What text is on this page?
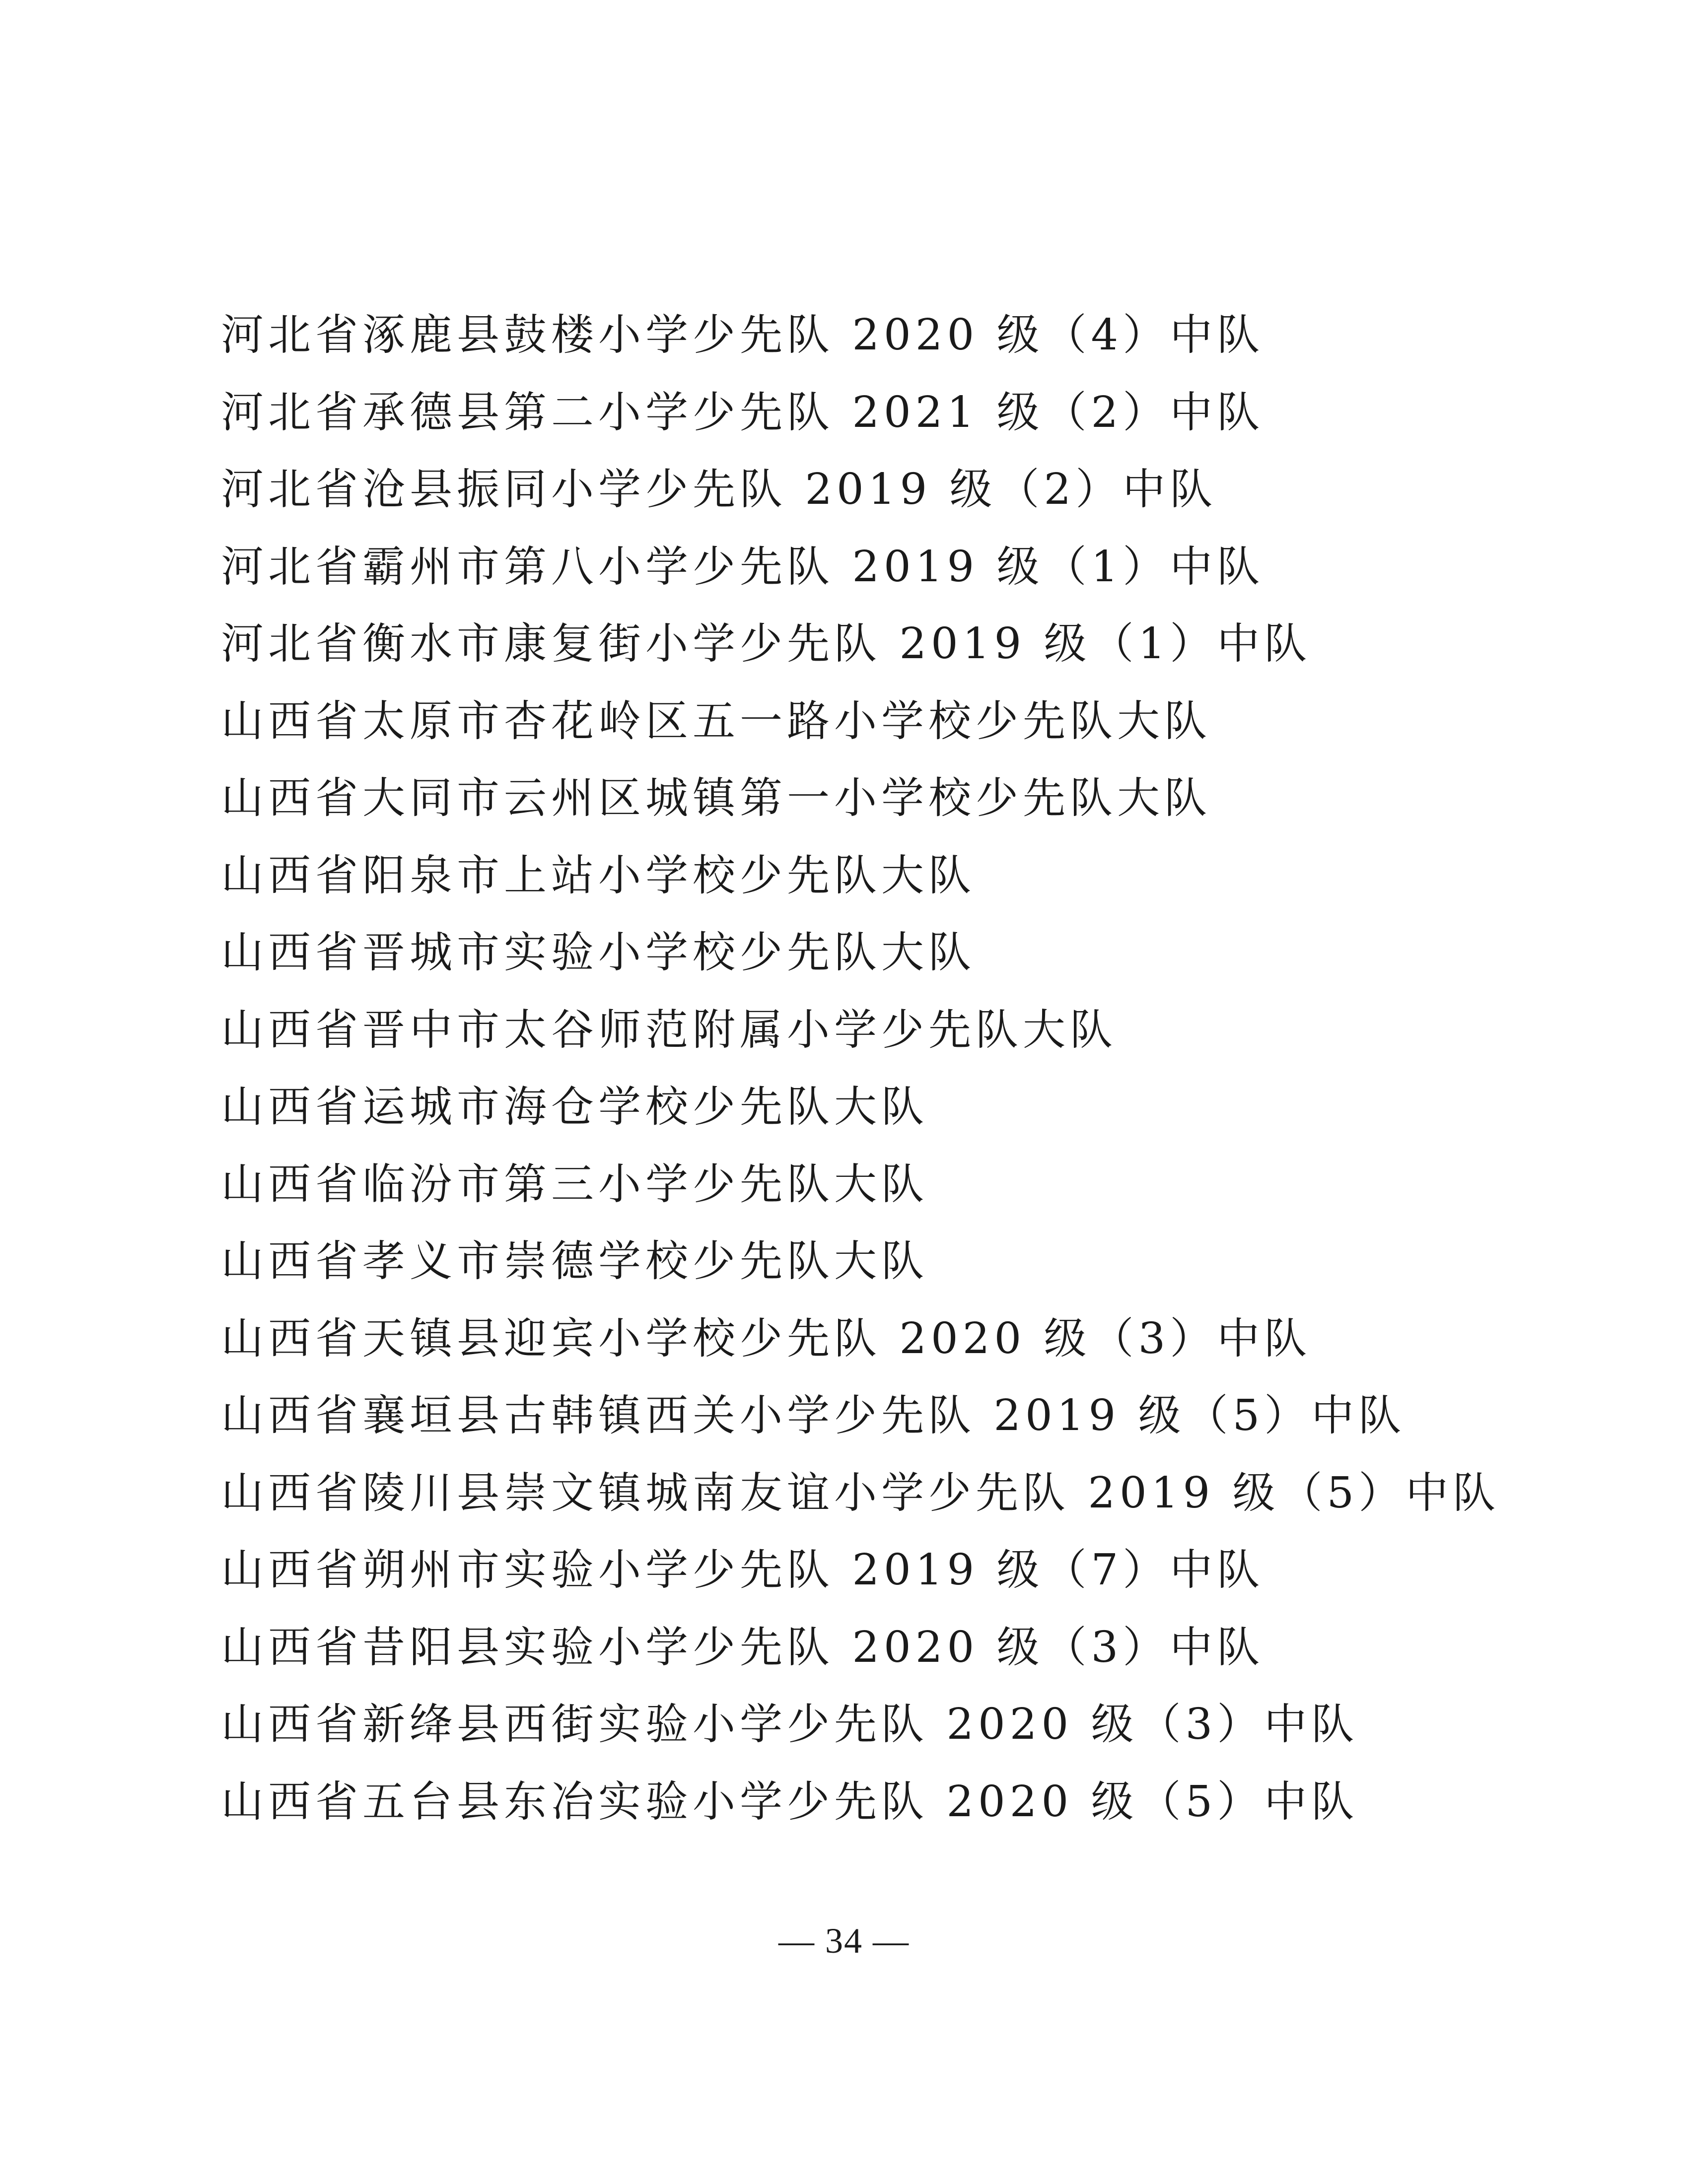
河北省涿鹿县鼓楼小学少先队 2020 级（4）中队
河北省承德县第二小学少先队 2021 级（2）中队
河北省沧县振同小学少先队 2019 级（2）中队
河北省霸州市第八小学少先队 2019 级（1）中队
河北省衡水市康复街小学少先队 2019 级（1）中队
山西省太原市杏花岭区五一路小学校少先队大队
山西省大同市云州区城镇第一小学校少先队大队
山西省阳泉市上站小学校少先队大队
山西省晋城市实验小学校少先队大队
山西省晋中市太谷师范附属小学少先队大队
山西省运城市海仓学校少先队大队
山西省临汾市第三小学少先队大队
山西省孝义市崇德学校少先队大队
山西省天镇县迎宾小学校少先队 2020 级（3）中队
山西省襄垣县古韩镇西关小学少先队 2019 级（5）中队
山西省陵川县崇文镇城南友谊小学少先队 2019 级（5）中队
山西省朔州市实验小学少先队 2019 级（7）中队
山西省昔阳县实验小学少先队 2020 级（3）中队
山西省新绛县西街实验小学少先队 2020 级（3）中队
山西省五台县东冶实验小学少先队 2020 级（5）中队
— 34 —
